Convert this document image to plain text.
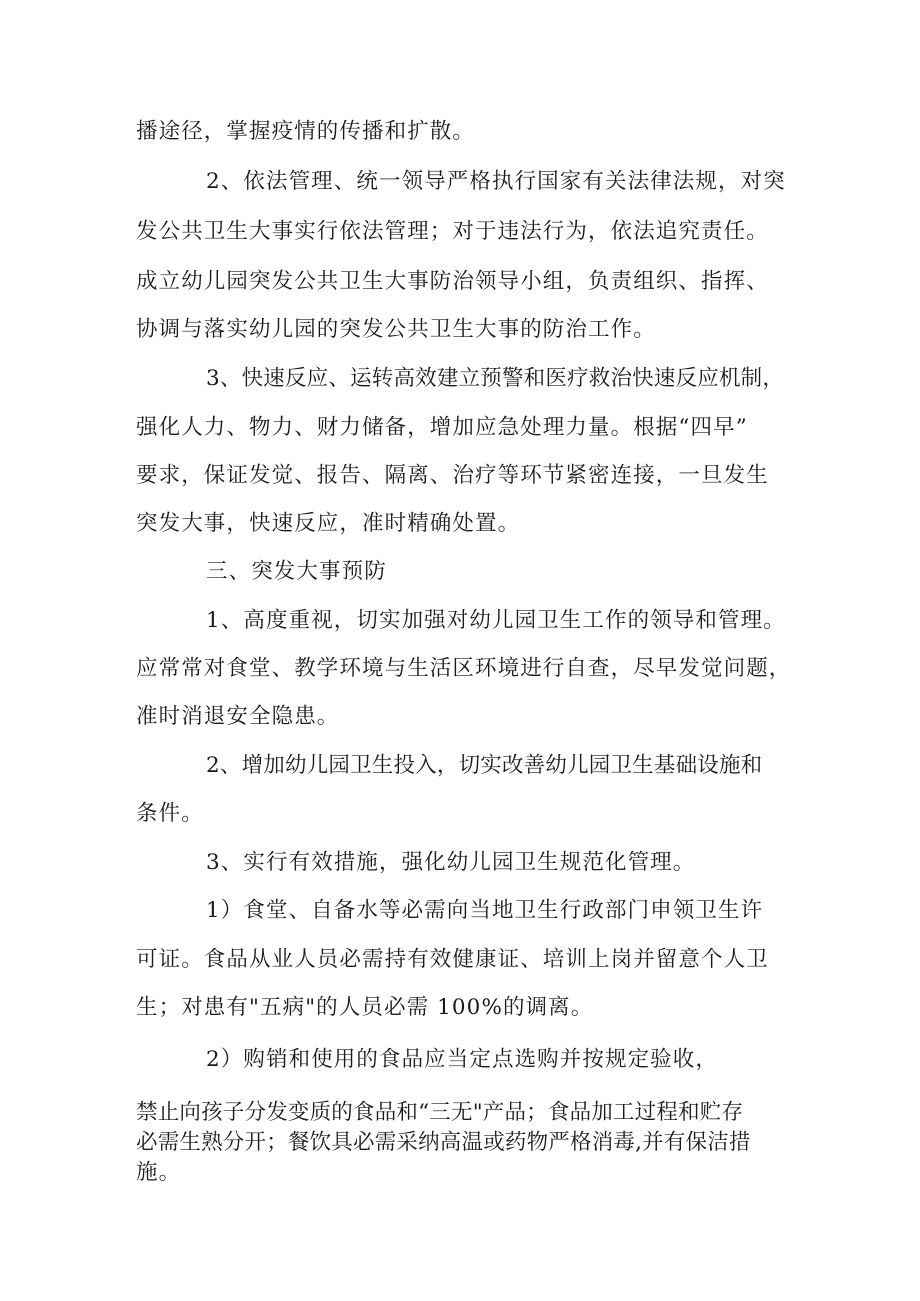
播途径，掌握疫情的传播和扩散。
2、依法管理、统一领导严格执行国家有关法律法规，对突
发公共卫生大事实行依法管理；对于违法行为，依法追究责任。
成立幼儿园突发公共卫生大事防治领导小组，负责组织、指挥、
协调与落实幼儿园的突发公共卫生大事的防治工作。
3、快速反应、运转高效建立预警和医疗救治快速反应机制，
强化人力、物力、财力储备，增加应急处理力量。根据“四早”
要求，保证发觉、报告、隔离、治疗等环节紧密连接，一旦发生
突发大事，快速反应，准时精确处置。
三、突发大事预防
1、高度重视，切实加强对幼儿园卫生工作的领导和管理。
应常常对食堂、教学环境与生活区环境进行自查，尽早发觉问题，
准时消退安全隐患。
2、增加幼儿园卫生投入，切实改善幼儿园卫生基础设施和
条件。
3、实行有效措施，强化幼儿园卫生规范化管理。
1）食堂、自备水等必需向当地卫生行政部门申领卫生许
可证。食品从业人员必需持有效健康证、培训上岗并留意个人卫
生；对患有"五病"的人员必需 100%的调离。
2）购销和使用的食品应当定点选购并按规定验收，
禁止向孩子分发变质的食品和“三无"产品；食品加工过程和贮存
必需生熟分开；餐饮具必需采纳高温或药物严格消毒,并有保洁措
施。
